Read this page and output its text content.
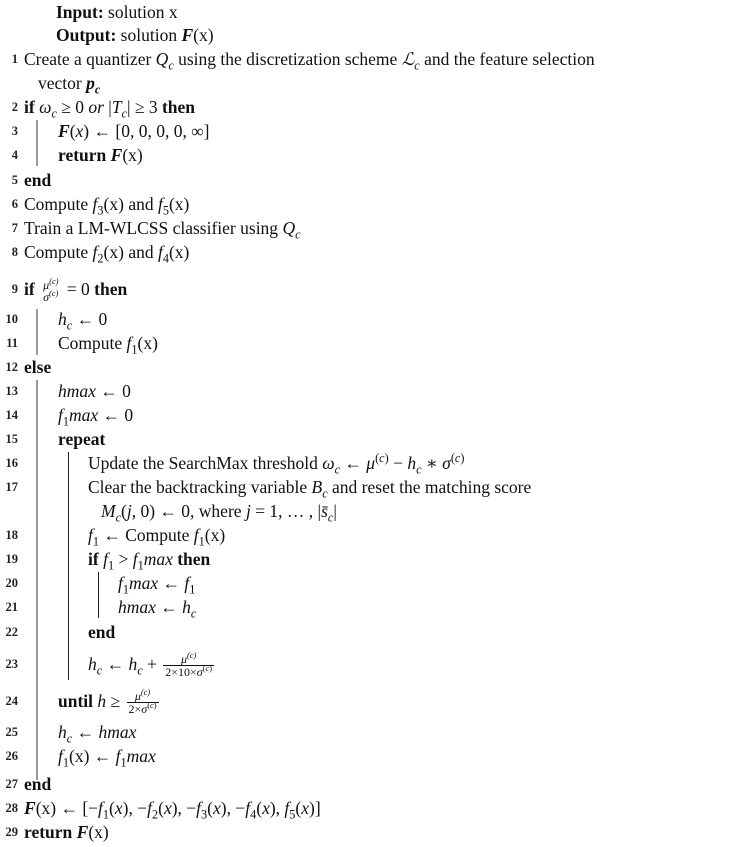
Input: solution x
Output: solution F(x)
1 Create a quantizer $Q_c$ using the discretization scheme ℒ$_c$ and the feature selection
vector $p_c$
2 if $\omega_c \ge 0$ or $|T_c| \ge 3$ then
3 F(x) ← [0, 0, 0, 0, ∞]
4 return F(x)
5 end
6 Compute $f_3(x)$ and $f_5(x)$
7 Train a LM-WLCSS classifier using $Q_c$
8 Compute $f_2(x)$ and $f_4(x)$
9 if $\mu^{(c)}$
$\sigma^{(c)} = 0$ then
10 $h_c$ ← 0
11 Compute $f_1(x)$
12 else
13 hmax ← 0
14 $f_1\max$ ← 0
15 repeat
16	Update the SearchMax threshold $\omega_c$ ← $\mu^{(c)} - h_c$ ∗ $\sigma^{(c)}$
17	Clear the backtracking variable $B_c$ and reset the matching score
$M_c(j$, 0) ← 0, where j = 1, … , $|s̄_c|$
18	$f_1$ ← Compute $f_1(x)$
19	if $f_1 > f_1\max$ then
20	$f_1\max$ ← $f_1$
21	hmax ← $h_c$
22	end
23	$h_c$ ← $h_c + \frac{\mu^{(c)}}{2\times 10\times\sigma^{(c)}}$
24 until $h \ge \frac{\mu^{(c)}}{2\times\sigma^{(c)}}$
25 $h_c$ ← hmax
26 $f_1(x)$ ← $f_1\max$
27 end
28 F(x) ← [$-f_1(x)$, $-f_2(x)$, $-f_3(x)$, $-f_4(x)$, $f_5(x)$]
29 return F(x)
